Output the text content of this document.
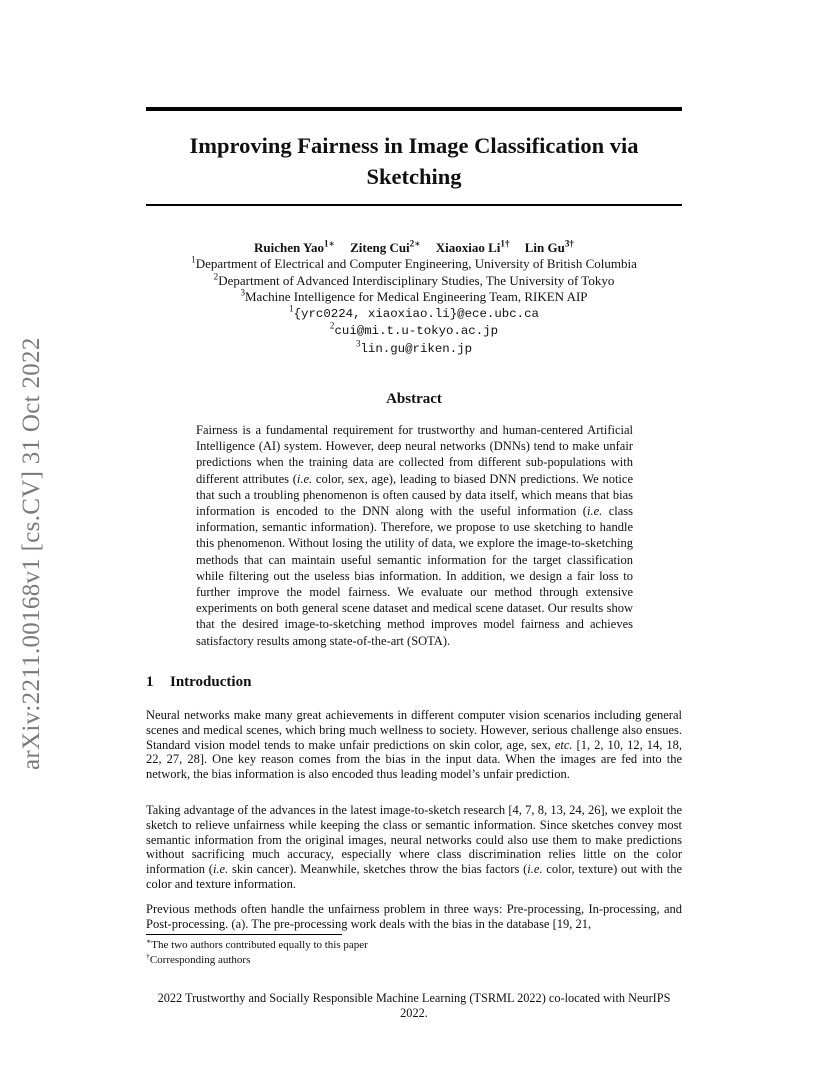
arXiv:2211.00168v1 [cs.CV] 31 Oct 2022
Improving Fairness in Image Classification via
Sketching
Ruichen Yao$^{1∗}$ Ziteng Cui$^{2∗}$ Xiaoxiao $Li^{1\dagger}$ Lin $Gu^{3\dagger}$
$^1$Department of Electrical and Computer Engineering, University of British Columbia
$^2$Department of Advanced Interdisciplinary Studies, The University of Tokyo
$^3$Machine Intelligence for Medical Engineering Team, RIKEN AIP
$^1${yrc0224, xiaoxiao.li}@ece.ubc.ca
$^2$cui@mi.t.u-tokyo.ac.jp
$^3$lin.gu@riken.jp
Abstract
Fairness is a fundamental requirement for trustworthy and human-centered Artificial Intelligence (AI) system. However, deep neural networks (DNNs) tend to make unfair predictions when the training data are collected from different sub-populations with different attributes (i.e. color, sex, age), leading to biased DNN predictions. We notice that such a troubling phenomenon is often caused by data itself, which means that bias information is encoded to the DNN along with the useful information (i.e. class information, semantic information). Therefore, we propose to use sketching to handle this phenomenon. Without losing the utility of data, we explore the image-to-sketching methods that can maintain useful semantic information for the target classification while filtering out the useless bias information. In addition, we design a fair loss to further improve the model fairness. We evaluate our method through extensive experiments on both general scene dataset and medical scene dataset. Our results show that the desired image-to-sketching method improves model fairness and achieves satisfactory results among state-of-the-art (SOTA).
1 Introduction
Neural networks make many great achievements in different computer vision scenarios including general scenes and medical scenes, which bring much wellness to society. However, serious challenge also ensues. Standard vision model tends to make unfair predictions on skin color, age, sex, etc. [1, 2, 10, 12, 14, 18, 22, 27, 28]. One key reason comes from the bias in the input data. When the images are fed into the network, the bias information is also encoded thus leading model’s unfair prediction.
Taking advantage of the advances in the latest image-to-sketch research [4, 7, 8, 13, 24, 26], we exploit the sketch to relieve unfairness while keeping the class or semantic information. Since sketches convey most semantic information from the original images, neural networks could also use them to make predictions without sacrificing much accuracy, especially where class discrimination relies little on the color information (i.e. skin cancer). Meanwhile, sketches throw the bias factors (i.e. color, texture) out with the color and texture information.
Previous methods often handle the unfairness problem in three ways: Pre-processing, In-processing, and Post-processing. (a). The pre-processing work deals with the bias in the database [19, 21,
∗The two authors contributed equally to this paper
†Corresponding authors
2022 Trustworthy and Socially Responsible Machine Learning (TSRML 2022) co-located with NeurIPS 2022.
